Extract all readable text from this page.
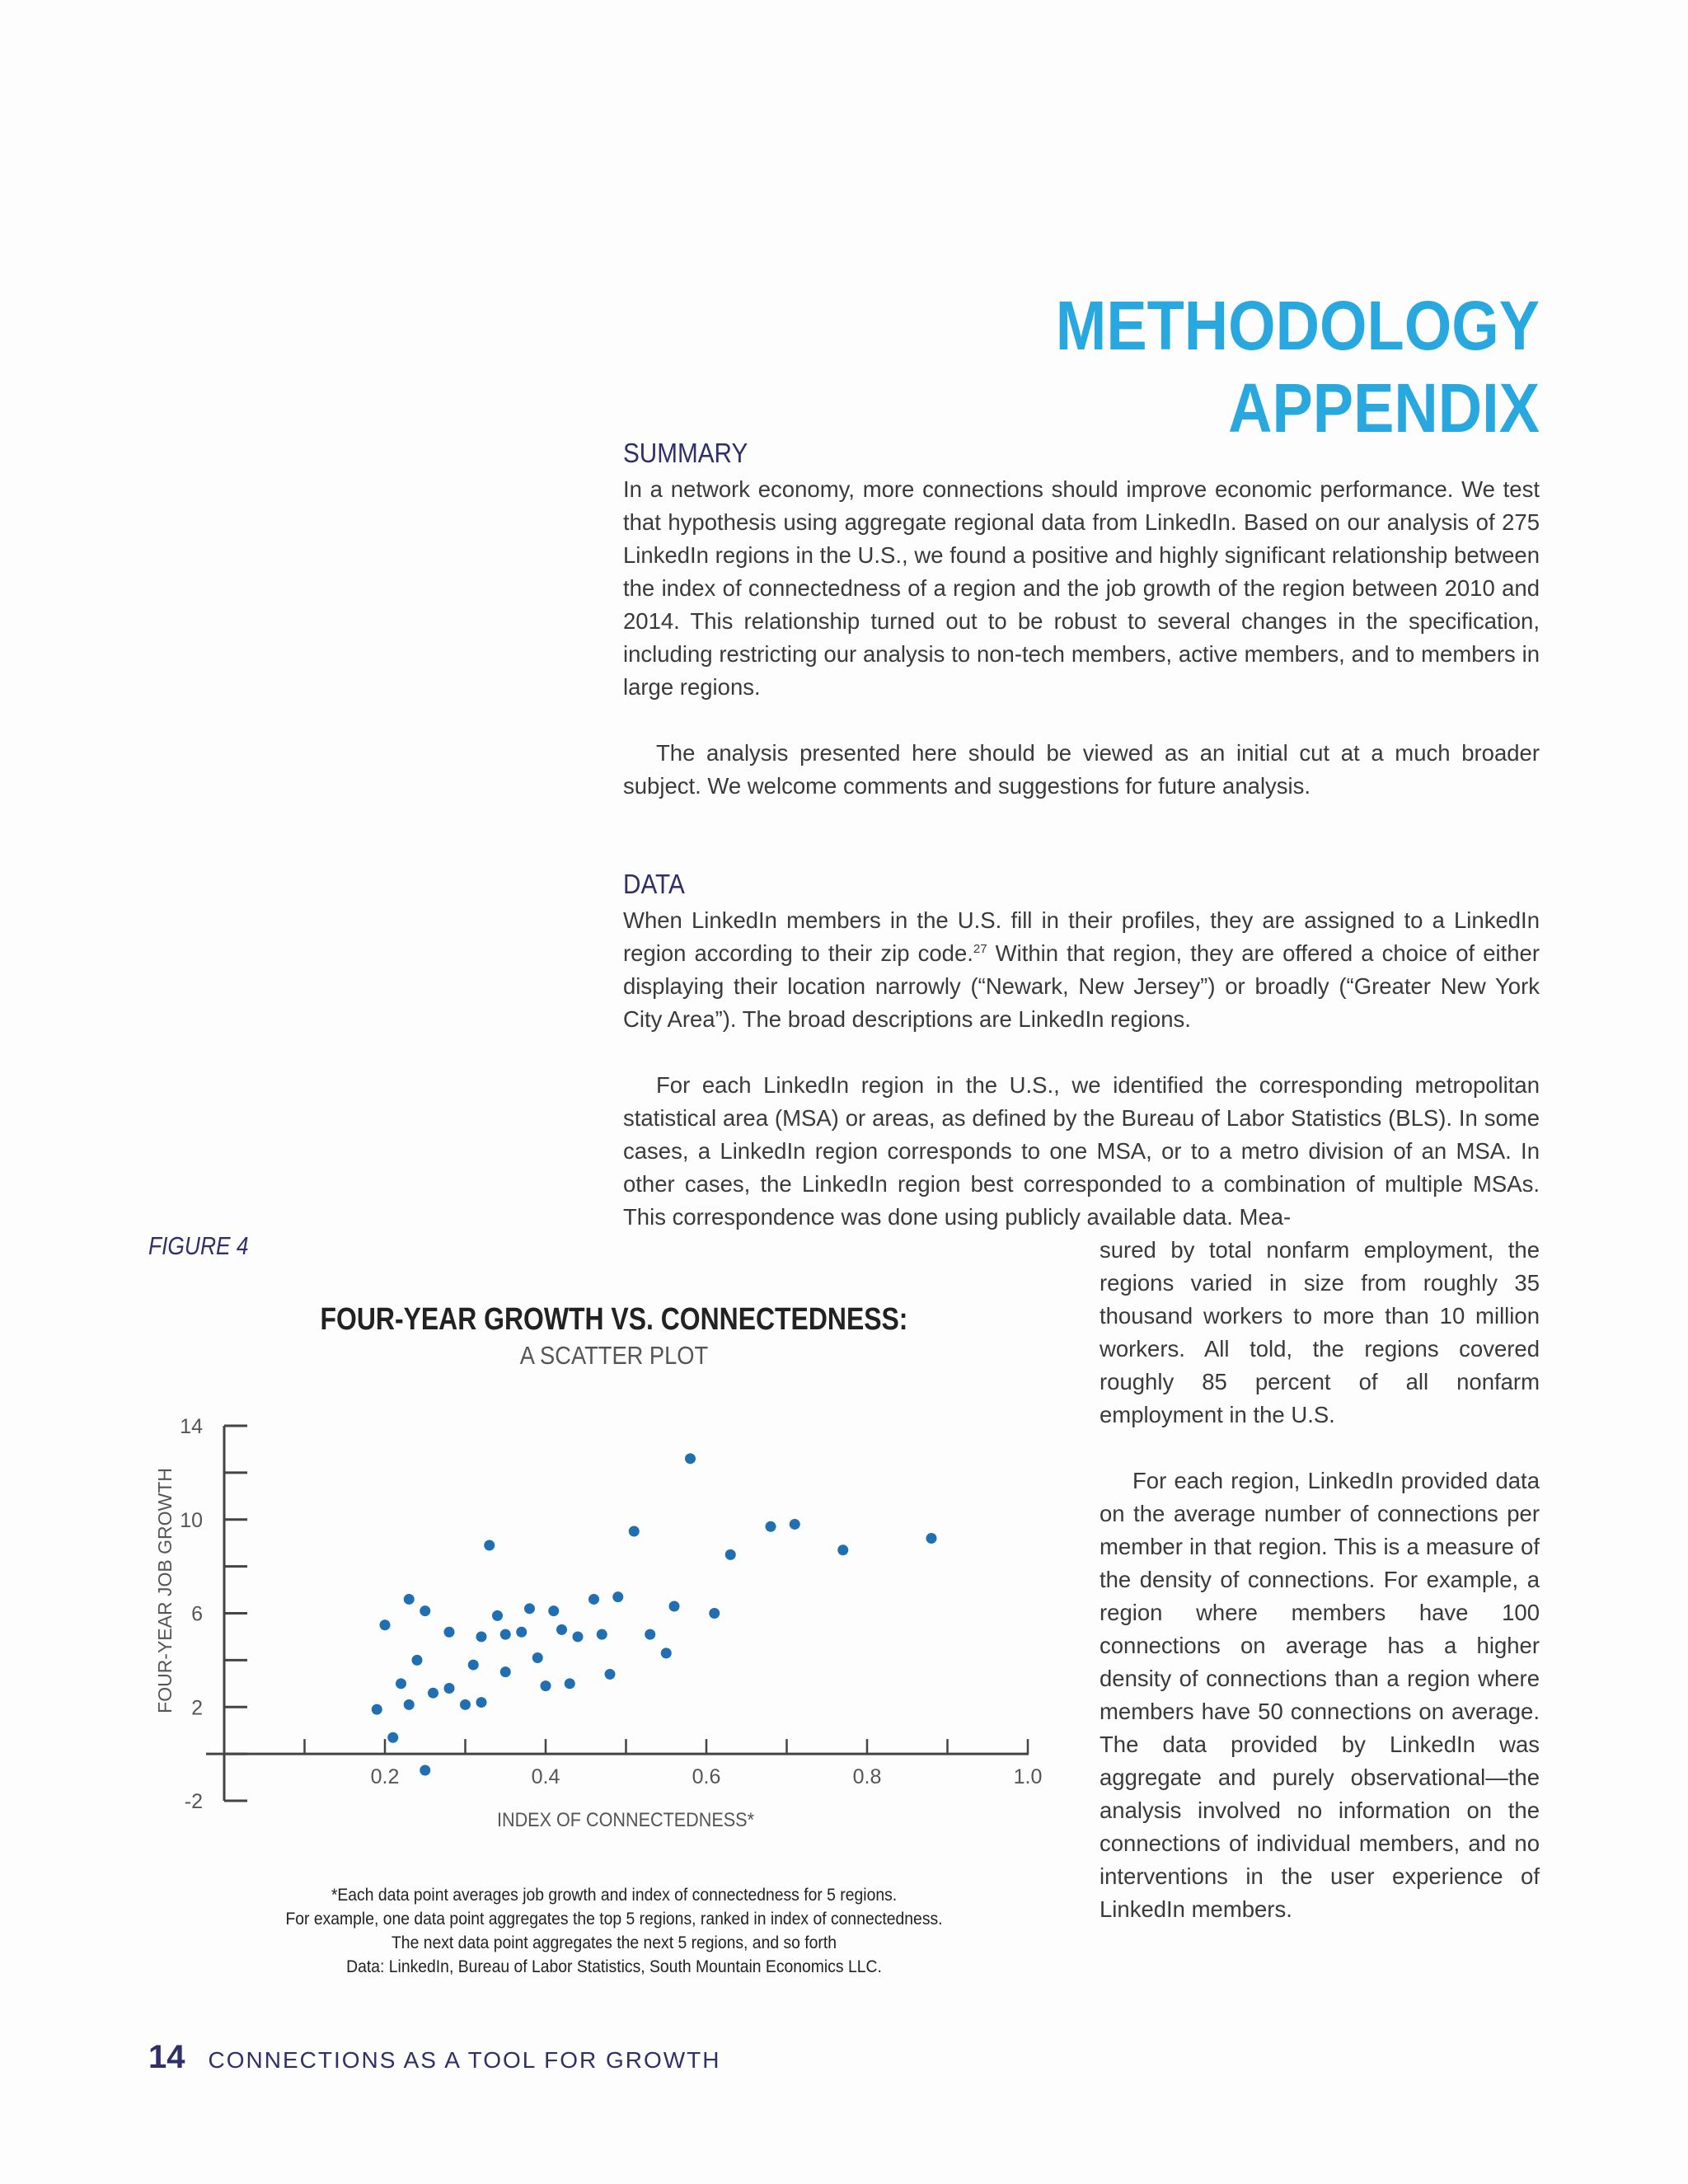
METHODOLOGY APPENDIX
SUMMARY

In a network economy, more connections should improve economic performance. We test that hypothesis using aggregate regional data from LinkedIn. Based on our analysis of 275 LinkedIn regions in the U.S., we found a positive and highly significant relationship between the index of connectedness of a region and the job growth of the region between 2010 and 2014. This relationship turned out to be robust to several changes in the specification, including restricting our analysis to non-tech members, active members, and to members in large regions.

The analysis presented here should be viewed as an initial cut at a much broader subject. We welcome comments and suggestions for future analysis.

DATA

When LinkedIn members in the U.S. fill in their profiles, they are assigned to a LinkedIn region according to their zip code.$^{27}$ Within that region, they are offered a choice of either displaying their location narrowly (“Newark, New Jersey”) or broadly (“Greater New York City Area”). The broad descriptions are LinkedIn regions.

For each LinkedIn region in the U.S., we identified the corresponding metropolitan statistical area (MSA) or areas, as defined by the Bureau of Labor Statistics (BLS). In some cases, a LinkedIn region corresponds to one MSA, or to a metro division of an MSA. In other cases, the LinkedIn region best corresponded to a combination of multiple MSAs. This correspondence was done using publicly available data. Mea-

sured by total nonfarm employment, the regions varied in size from roughly 35 thousand workers to more than 10 million workers. All told, the regions covered roughly 85 percent of all nonfarm employment in the U.S.

For each region, LinkedIn provided data on the average number of connections per member in that region. This is a measure of the density of connections. For example, a region where members have 100 connections on average has a higher density of connections than a region where members have 50 connections on average. The data provided by LinkedIn was aggregate and purely observational—the analysis involved no information on the connections of individual members, and no interventions in the user experience of LinkedIn members.

FIGURE 4
FOUR-YEAR GROWTH VS. CONNECTEDNESS:
A SCATTER PLOT
14
10
6
2
-2
0.2	0.4	0.6	0.8	1.0
INDEX OF CONNECTEDNESS*
FOUR-YEAR JOB GROWTH
*Each data point averages job growth and index of connectedness for 5 regions.
For example, one data point aggregates the top 5 regions, ranked in index of connectedness.
The next data point aggregates the next 5 regions, and so forth
Data: LinkedIn, Bureau of Labor Statistics, South Mountain Economics LLC.
14 CONNECTIONS AS A TOOL FOR GROWTH
